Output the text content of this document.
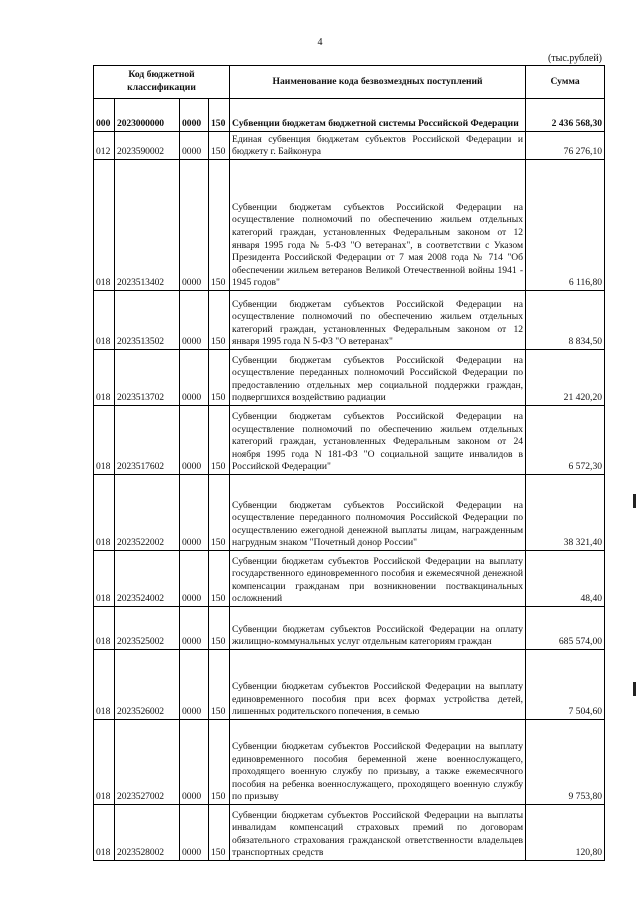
4
(тыс.рублей)
Код бюджетной классификации				Наименование кода безвозмездных поступлений	Сумма
000	2023000000	0000	150	Субвенции бюджетам бюджетной системы Российской Федерации	2 436 568,30
012	2023590002	0000	150	Единая субвенция бюджетам субъектов Российской Федерации и бюджету г. Байконура	76 276,10
018	2023513402	0000	150	Субвенции бюджетам субъектов Российской Федерации на осуществление полномочий по обеспечению жильем отдельных категорий граждан, установленных Федеральным законом от 12 января 1995 года № 5-ФЗ "О ветеранах", в соответствии с Указом Президента Российской Федерации от 7 мая 2008 года № 714 "Об обеспечении жильем ветеранов Великой Отечественной войны 1941 - 1945 годов"	6 116,80
018	2023513502	0000	150	Субвенции бюджетам субъектов Российской Федерации на осуществление полномочий по обеспечению жильем отдельных категорий граждан, установленных Федеральным законом от 12 января 1995 года N 5-ФЗ "О ветеранах"	8 834,50
018	2023513702	0000	150	Субвенции бюджетам субъектов Российской Федерации на осуществление переданных полномочий Российской Федерации по предоставлению отдельных мер социальной поддержки граждан, подвергшихся воздействию радиации	21 420,20
018	2023517602	0000	150	Субвенции бюджетам субъектов Российской Федерации на осуществление полномочий по обеспечению жильем отдельных категорий граждан, установленных Федеральным законом от 24 ноября 1995 года N 181-ФЗ "О социальной защите инвалидов в Российской Федерации"	6 572,30
018	2023522002	0000	150	Субвенции бюджетам субъектов Российской Федерации на осуществление переданного полномочия Российской Федерации по осуществлению ежегодной денежной выплаты лицам, награжденным нагрудным знаком "Почетный донор России"	38 321,40
018	2023524002	0000	150	Субвенции бюджетам субъектов Российской Федерации на выплату государственного единовременного пособия и ежемесячной денежной компенсации гражданам при возникновении поствакцинальных осложнений	48,40
018	2023525002	0000	150	Субвенции бюджетам субъектов Российской Федерации на оплату жилищно-коммунальных услуг отдельным категориям граждан	685 574,00
018	2023526002	0000	150	Субвенции бюджетам субъектов Российской Федерации на выплату единовременного пособия при всех формах устройства детей, лишенных родительского попечения, в семью	7 504,60
018	2023527002	0000	150	Субвенции бюджетам субъектов Российской Федерации на выплату единовременного пособия беременной жене военнослужащего, проходящего военную службу по призыву, а также ежемесячного пособия на ребенка военнослужащего, проходящего военную службу по призыву	9 753,80
018	2023528002	0000	150	Субвенции бюджетам субъектов Российской Федерации на выплаты инвалидам компенсаций страховых премий по договорам обязательного страхования гражданской ответственности владельцев транспортных средств	120,80
